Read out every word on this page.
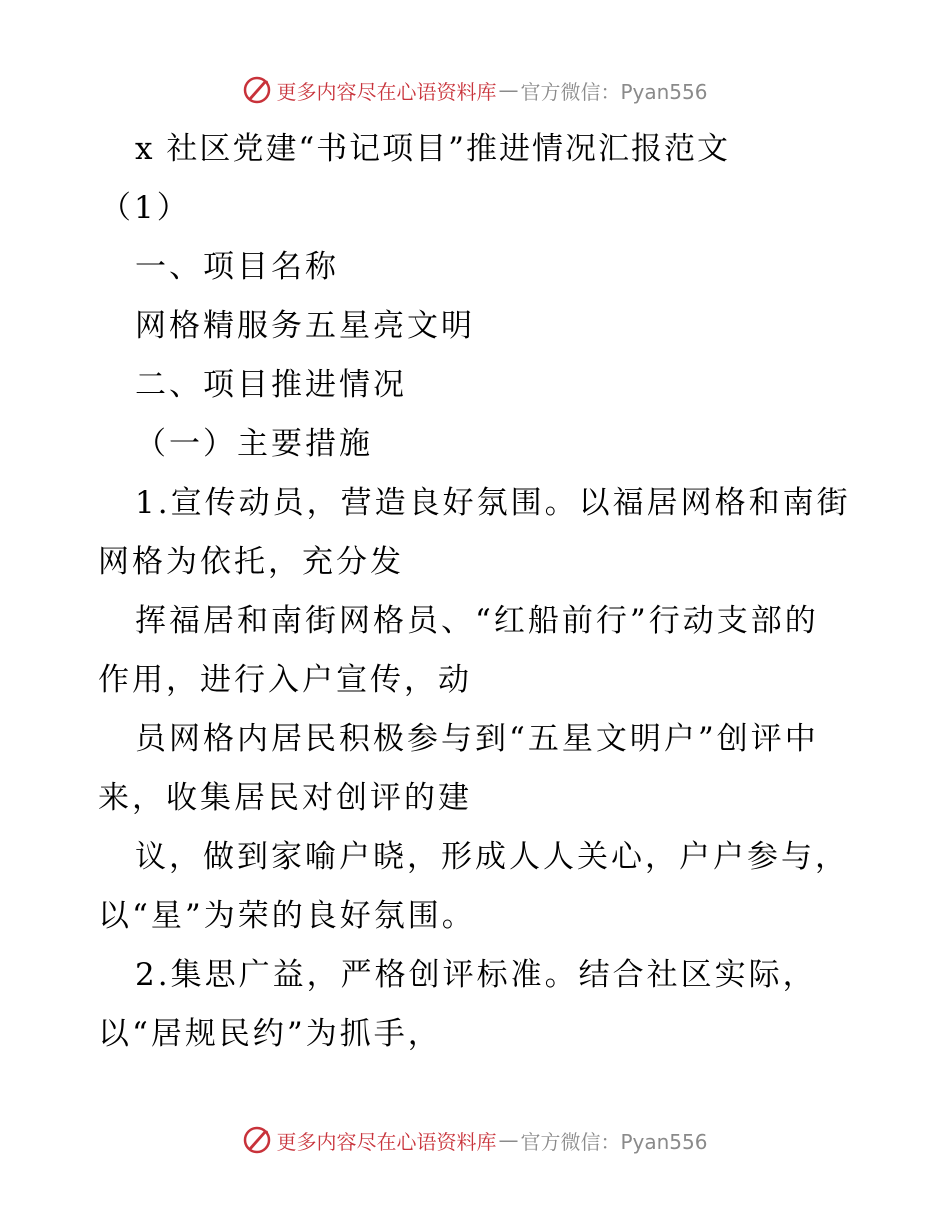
更多内容尽在心语资料库 — 官方微信：Pyan556
x 社区党建“书记项目”推进情况汇报范文
（1）
一、项目名称
网格精服务五星亮文明
二、项目推进情况
（一）主要措施
1.宣传动员，营造良好氛围。以福居网格和南街
网格为依托，充分发
挥福居和南街网格员、“红船前行”行动支部的
作用，进行入户宣传，动
员网格内居民积极参与到“五星文明户”创评中
来，收集居民对创评的建
议，做到家喻户晓，形成人人关心，户户参与，
以“星”为荣的良好氛围。
2.集思广益，严格创评标准。结合社区实际，
以“居规民约”为抓手，
更多内容尽在心语资料库 — 官方微信：Pyan556
